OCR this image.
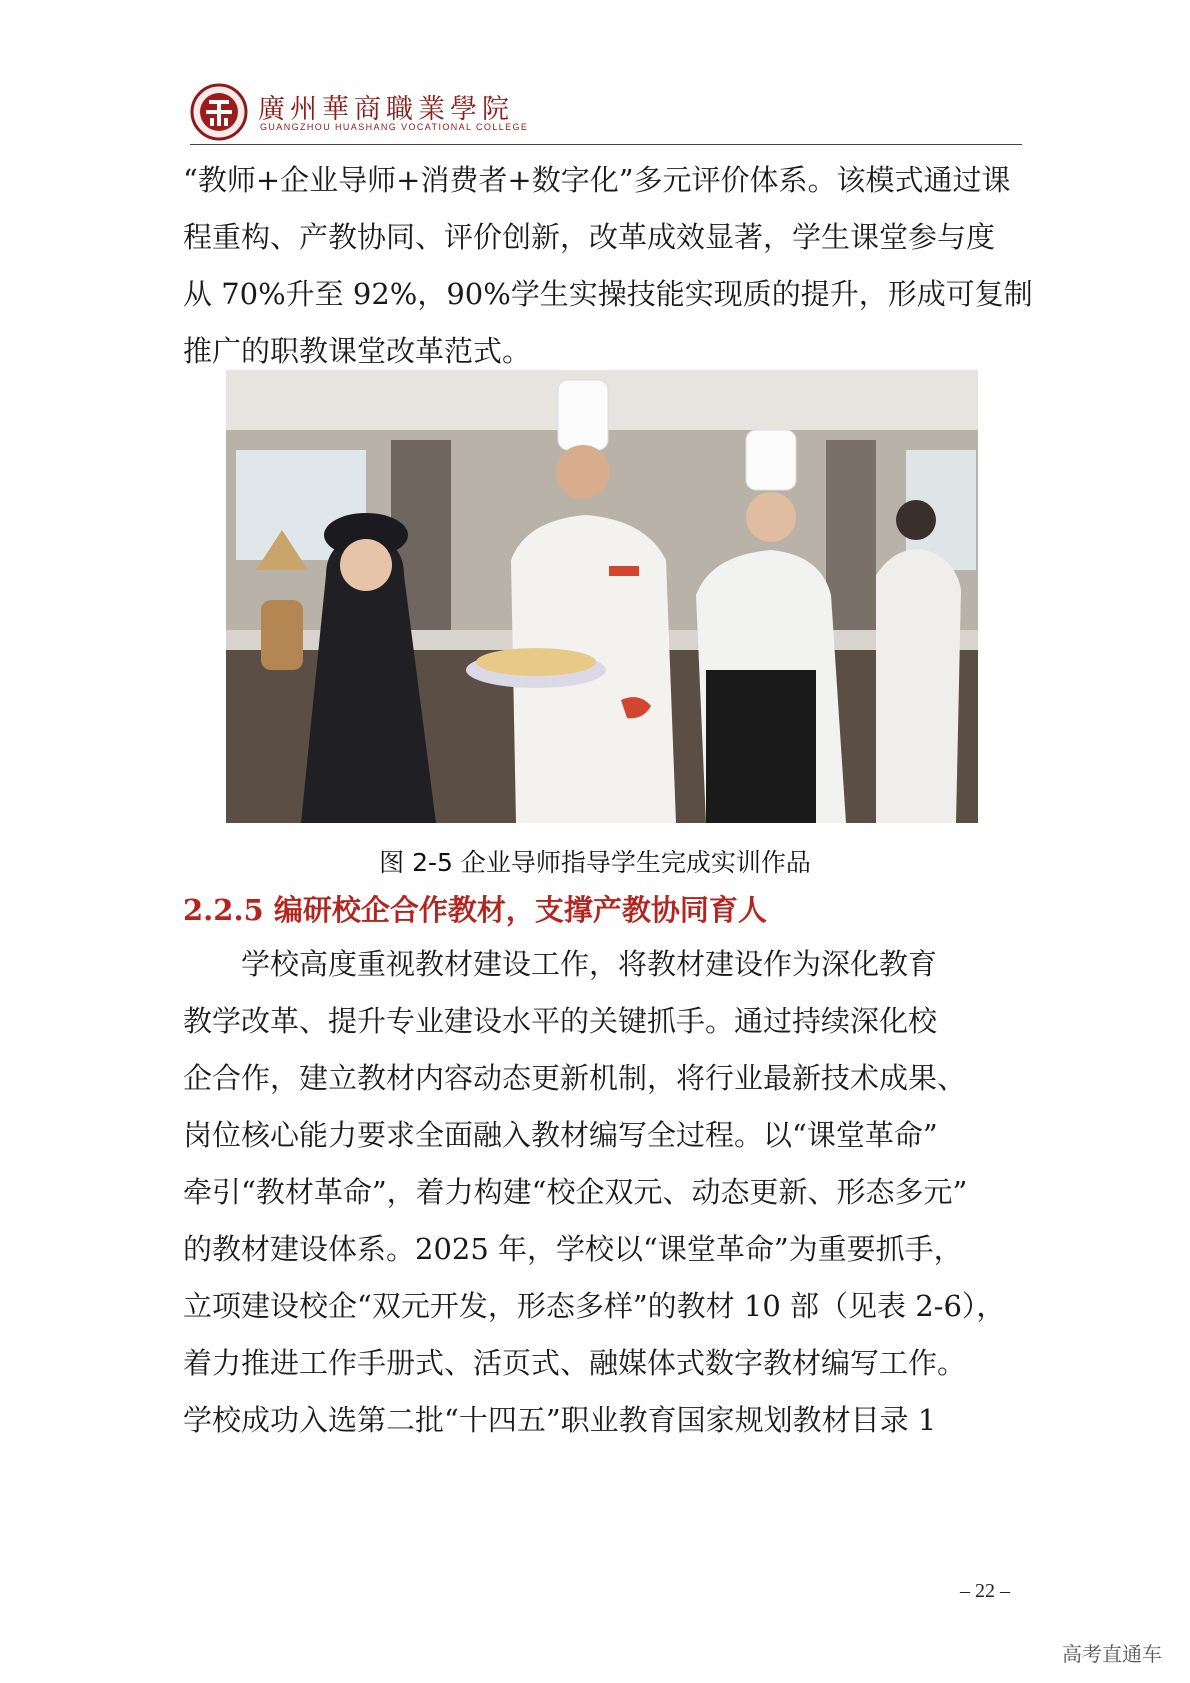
廣州華商職業學院
GUANGZHOU HUASHANG VOCATIONAL COLLEGE
“教师+企业导师+消费者+数字化”多元评价体系。该模式通过课
程重构、产教协同、评价创新，改革成效显著，学生课堂参与度
从 70%升至 92%，90%学生实操技能实现质的提升，形成可复制
推广的职教课堂改革范式。
图 2-5 企业导师指导学生完成实训作品
2.2.5 编研校企合作教材，支撑产教协同育人
　　学校高度重视教材建设工作，将教材建设作为深化教育
教学改革、提升专业建设水平的关键抓手。通过持续深化校
企合作，建立教材内容动态更新机制，将行业最新技术成果、
岗位核心能力要求全面融入教材编写全过程。以“课堂革命”
牵引“教材革命”，着力构建“校企双元、动态更新、形态多元”
的教材建设体系。2025 年，学校以“课堂革命”为重要抓手，
立项建设校企“双元开发，形态多样”的教材 10 部（见表 2-6），
着力推进工作手册式、活页式、融媒体式数字教材编写工作。
学校成功入选第二批“十四五”职业教育国家规划教材目录 1
– 22 –
高考直通车
